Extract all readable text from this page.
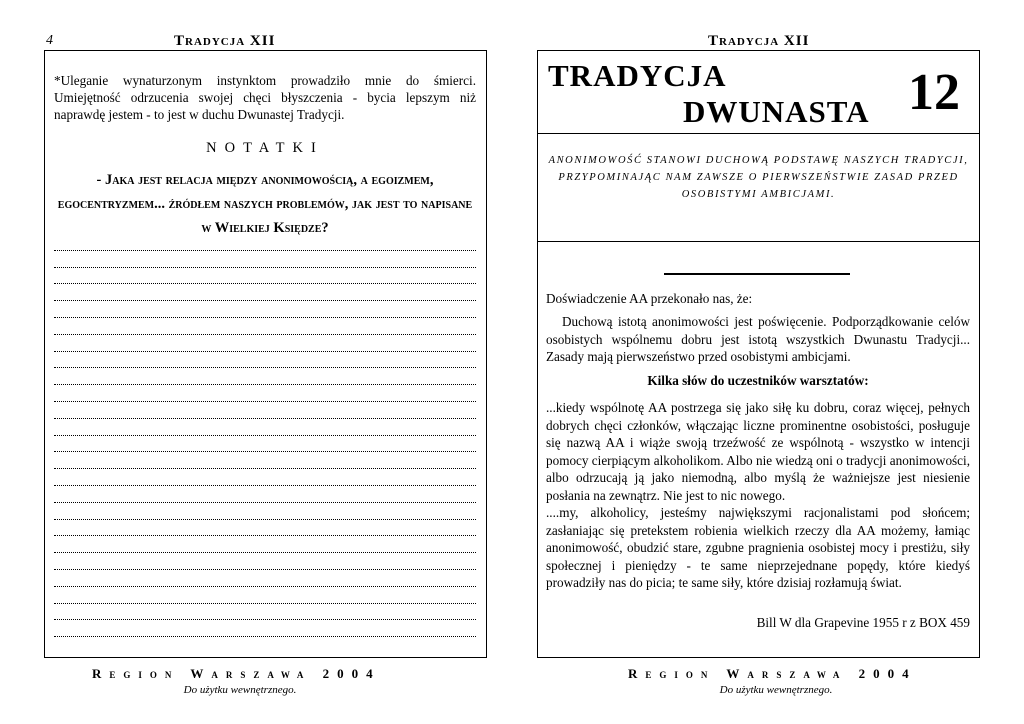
4	Tradycja XII
*Uleganie wynaturzonym instynktom prowadziło mnie do śmierci. Umiejętność odrzucenia swojej chęci błyszczenia - bycia lepszym niż naprawdę jestem - to jest w duchu Dwunastej Tradycji.
NOTATKI
- Jaka jest relacja między anonimowością, a egoizmem, egocentryzmem... źródłem naszych problemów, jak jest to napisane w Wielkiej Księdze?
Region Warszawa 2004
Do użytku wewnętrznego.
Tradycja XII
TRADYCJA
DWUNASTA 12
ANONIMOWOŚĆ STANOWI DUCHOWĄ PODSTAWĘ NASZYCH TRADYCJI, PRZYPOMINAJĄC NAM ZAWSZE O PIERWSZEŃSTWIE ZASAD PRZED OSOBISTYMI AMBICJAMI.
Doświadczenie AA przekonało nas, że:
Duchową istotą anonimowości jest poświęcenie. Podporządkowanie celów osobistych wspólnemu dobru jest istotą wszystkich Dwunastu Tradycji... Zasady mają pierwszeństwo przed osobistymi ambicjami.
Kilka słów do uczestników warsztatów:
...kiedy wspólnotę AA postrzega się jako siłę ku dobru, coraz więcej, pełnych dobrych chęci członków, włączając liczne prominentne osobistości, posługuje się nazwą AA i wiąże swoją trzeźwość ze wspólnotą - wszystko w intencji pomocy cierpiącym alkoholikom. Albo nie wiedzą oni o tradycji anonimowości, albo odrzucają ją jako niemodną, albo myślą że ważniejsze jest niesienie posłania na zewnątrz. Nie jest to nic nowego.
....my, alkoholicy, jesteśmy największymi racjonalistami pod słońcem; zasłaniając się pretekstem robienia wielkich rzeczy dla AA możemy, łamiąc anonimowość, obudzić stare, zgubne pragnienia osobistej mocy i prestiżu, siły społecznej i pieniędzy - te same nieprzejednane popędy, które kiedyś prowadziły nas do picia; te same siły, które dzisiaj rozłamują świat.
Bill W dla Grapevine 1955 r z BOX 459
Region Warszawa 2004
Do użytku wewnętrznego.
